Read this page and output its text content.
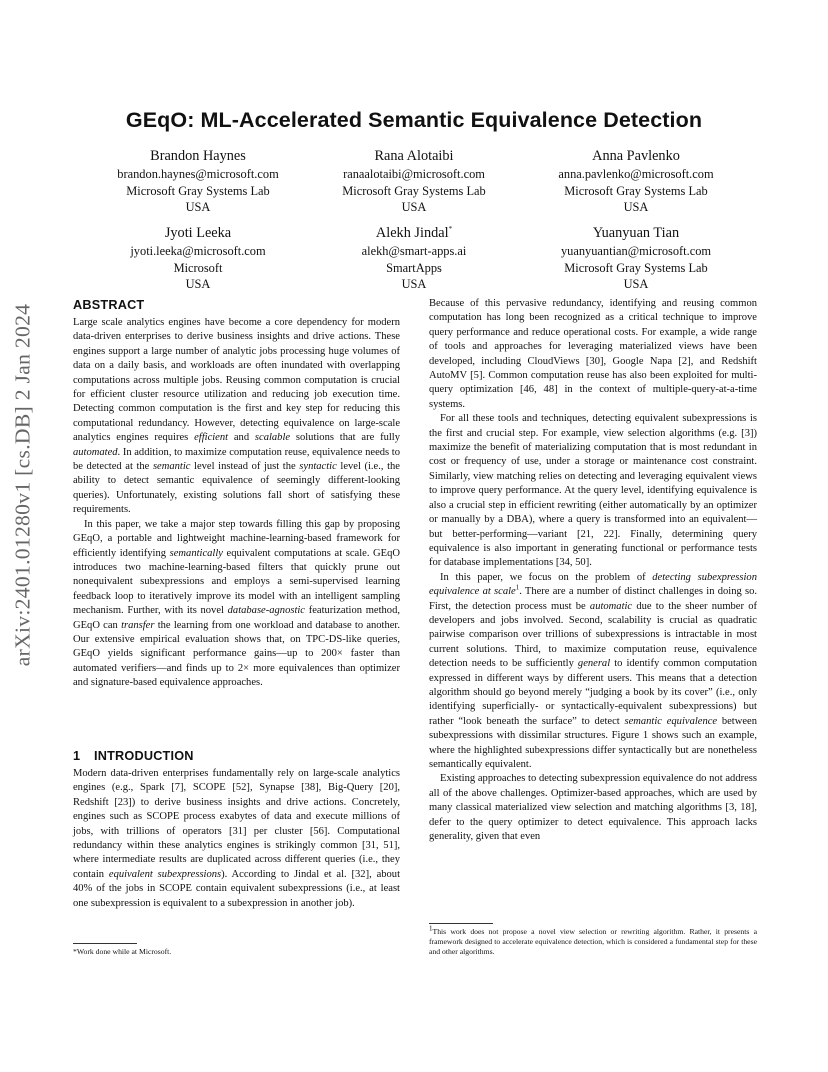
GEqO: ML-Accelerated Semantic Equivalence Detection
Brandon Haynes
brandon.haynes@microsoft.com
Microsoft Gray Systems Lab
USA
Rana Alotaibi
ranaalotaibi@microsoft.com
Microsoft Gray Systems Lab
USA
Anna Pavlenko
anna.pavlenko@microsoft.com
Microsoft Gray Systems Lab
USA
Jyoti Leeka
jyoti.leeka@microsoft.com
Microsoft
USA
Alekh Jindal*
alekh@smart-apps.ai
SmartApps
USA
Yuanyuan Tian
yuanyuantian@microsoft.com
Microsoft Gray Systems Lab
USA
arXiv:2401.01280v1 [cs.DB] 2 Jan 2024	ABSTRACT

Large scale analytics engines have become a core dependency for modern data-driven enterprises to derive business insights and drive actions. These engines support a large number of analytic jobs processing huge volumes of data on a daily basis, and workloads are often inundated with overlapping computations across multiple jobs. Reusing common computation is crucial for efficient cluster resource utilization and reducing job execution time. Detecting common computation is the first and key step for reducing this computational redundancy. However, detecting equivalence on large-scale analytics engines requires efficient and scalable solutions that are fully automated. In addition, to maximize computation reuse, equivalence needs to be detected at the semantic level instead of just the syntactic level (i.e., the ability to detect semantic equivalence of seemingly different-looking queries). Unfortunately, existing solutions fall short of satisfying these requirements.

In this paper, we take a major step towards filling this gap by proposing GEqO, a portable and lightweight machine-learning-based framework for efficiently identifying semantically equivalent computations at scale. GEqO introduces two machine-learning-based filters that quickly prune out nonequivalent subexpressions and employs a semi-supervised learning feedback loop to iteratively improve its model with an intelligent sampling mechanism. Further, with its novel database-agnostic featurization method, GEqO can transfer the learning from one workload and database to another. Our extensive empirical evaluation shows that, on TPC-DS-like queries, GEqO yields significant performance gains—up to 200× faster than automated verifiers—and finds up to 2× more equivalences than optimizer and signature-based equivalence approaches.

1 INTRODUCTION

Modern data-driven enterprises fundamentally rely on large-scale analytics engines (e.g., Spark [7], SCOPE [52], Synapse [38], Big-Query [20], Redshift [23]) to derive business insights and drive actions. Concretely, engines such as SCOPE process exabytes of data and execute millions of jobs, with trillions of operators [31] per cluster [56]. Computational redundancy within these analytics engines is strikingly common [31, 51], where intermediate results are duplicated across different queries (i.e., they contain equivalent subexpressions). According to Jindal et al. [32], about 40% of the jobs in SCOPE contain equivalent subexpressions (i.e., at least one subexpression is equivalent to a subexpression in another job).

*Work done while at Microsoft.

Because of this pervasive redundancy, identifying and reusing common computation has long been recognized as a critical technique to improve query performance and reduce operational costs. For example, a wide range of tools and approaches for leveraging materialized views have been developed, including CloudViews [30], Google Napa [2], and Redshift AutoMV [5]. Common computation reuse has also been exploited for multi-query optimization [46, 48] in the context of multiple-query-at-a-time systems.

For all these tools and techniques, detecting equivalent subexpressions is the first and crucial step. For example, view selection algorithms (e.g. [3]) maximize the benefit of materializing computation that is most redundant in cost or frequency of use, under a storage or maintenance cost constraint. Similarly, view matching relies on detecting and leveraging equivalent views to improve query performance. At the query level, identifying equivalence is also a crucial step in efficient rewriting (either automatically by an optimizer or manually by a DBA), where a query is transformed into an equivalent—but better-performing—variant [21, 22]. Finally, determining query equivalence is also important in generating functional or performance tests for database implementations [34, 50].

In this paper, we focus on the problem of detecting subexpression equivalence at scale$^1$. There are a number of distinct challenges in doing so. First, the detection process must be automatic due to the sheer number of developers and jobs involved. Second, scalability is crucial as quadratic pairwise comparison over trillions of subexpressions is intractable in most current solutions. Third, to maximize computation reuse, equivalence detection needs to be sufficiently general to identify common computation expressed in different ways by different users. This means that a detection algorithm should go beyond merely “judging a book by its cover” (i.e., only identifying superficially- or syntactically-equivalent subexpressions) but rather “look beneath the surface” to detect semantic equivalence between subexpressions with dissimilar structures. Figure 1 shows such an example, where the highlighted subexpressions differ syntactically but are nonetheless semantically equivalent.

Existing approaches to detecting subexpression equivalence do not address all of the above challenges. Optimizer-based approaches, which are used by many classical materialized view selection and matching algorithms [3, 18], defer to the query optimizer to detect equivalence. This approach lacks generality, given that even

$^1$This work does not propose a novel view selection or rewriting algorithm. Rather, it presents a framework designed to accelerate equivalence detection, which is considered a fundamental step for these and other algorithms.
